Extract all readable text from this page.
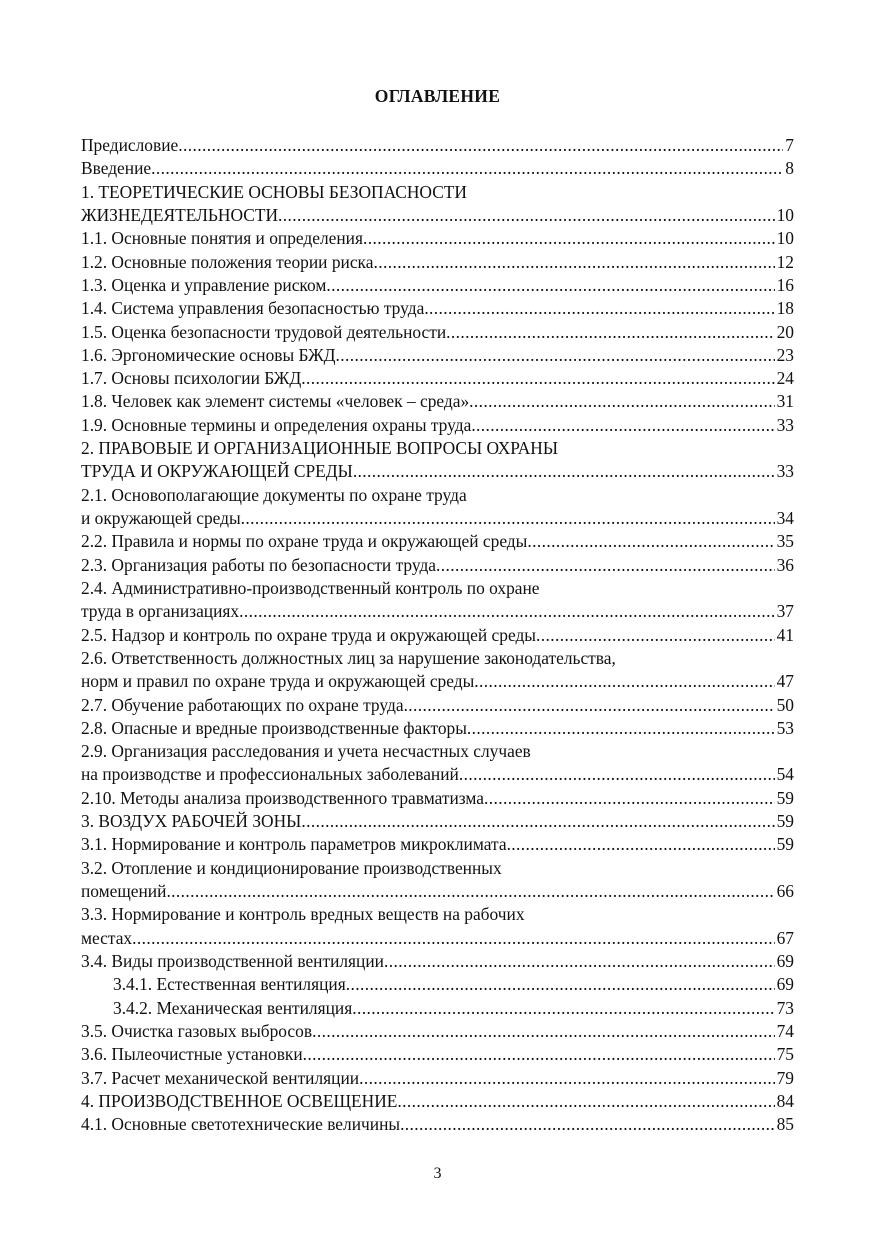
ОГЛАВЛЕНИЕ
Предисловие .....	7
Введение .....	8
1. ТЕОРЕТИЧЕСКИЕ ОСНОВЫ БЕЗОПАСНОСТИ
ЖИЗНЕДЕЯТЕЛЬНОСТИ .....	10
1.1. Основные понятия и определения .....	10
1.2. Основные положения теории риска .....	12
1.3. Оценка и управление риском .....	16
1.4. Система управления безопасностью труда .....	18
1.5. Оценка безопасности трудовой деятельности .....	20
1.6. Эргономические основы БЖД .....	23
1.7. Основы психологии БЖД .....	24
1.8. Человек как элемент системы «человек – среда» .....	31
1.9. Основные термины и определения охраны труда .....	33
2. ПРАВОВЫЕ И ОРГАНИЗАЦИОННЫЕ ВОПРОСЫ ОХРАНЫ
ТРУДА И ОКРУЖАЮЩЕЙ СРЕДЫ .....	33
2.1. Основополагающие документы по охране труда
и окружающей среды .....	34
2.2. Правила и нормы по охране труда и окружающей среды .....	35
2.3. Организация работы по безопасности труда .....	36
2.4. Административно-производственный контроль по охране
труда в организациях .....	37
2.5. Надзор и контроль по охране труда и окружающей среды .....	41
2.6. Ответственность должностных лиц за нарушение законодательства,
норм и правил по охране труда и окружающей среды .....	47
2.7. Обучение работающих по охране труда .....	50
2.8. Опасные и вредные производственные факторы .....	53
2.9. Организация расследования и учета несчастных случаев
на производстве и профессиональных заболеваний .....	54
2.10. Методы анализа производственного травматизма .....	59
3. ВОЗДУХ РАБОЧЕЙ ЗОНЫ .....	59
3.1. Нормирование и контроль параметров микроклимата .....	59
3.2. Отопление и кондиционирование производственных
помещений .....	66
3.3. Нормирование и контроль вредных веществ на рабочих
местах .....	67
3.4. Виды производственной вентиляции .....	69
3.4.1. Естественная вентиляция .....	69
3.4.2. Механическая вентиляция .....	73
3.5. Очистка газовых выбросов .....	74
3.6. Пылеочистные установки .....	75
3.7. Расчет механической вентиляции .....	79
4. ПРОИЗВОДСТВЕННОЕ ОСВЕЩЕНИЕ .....	84
4.1. Основные светотехнические величины .....	85
3
